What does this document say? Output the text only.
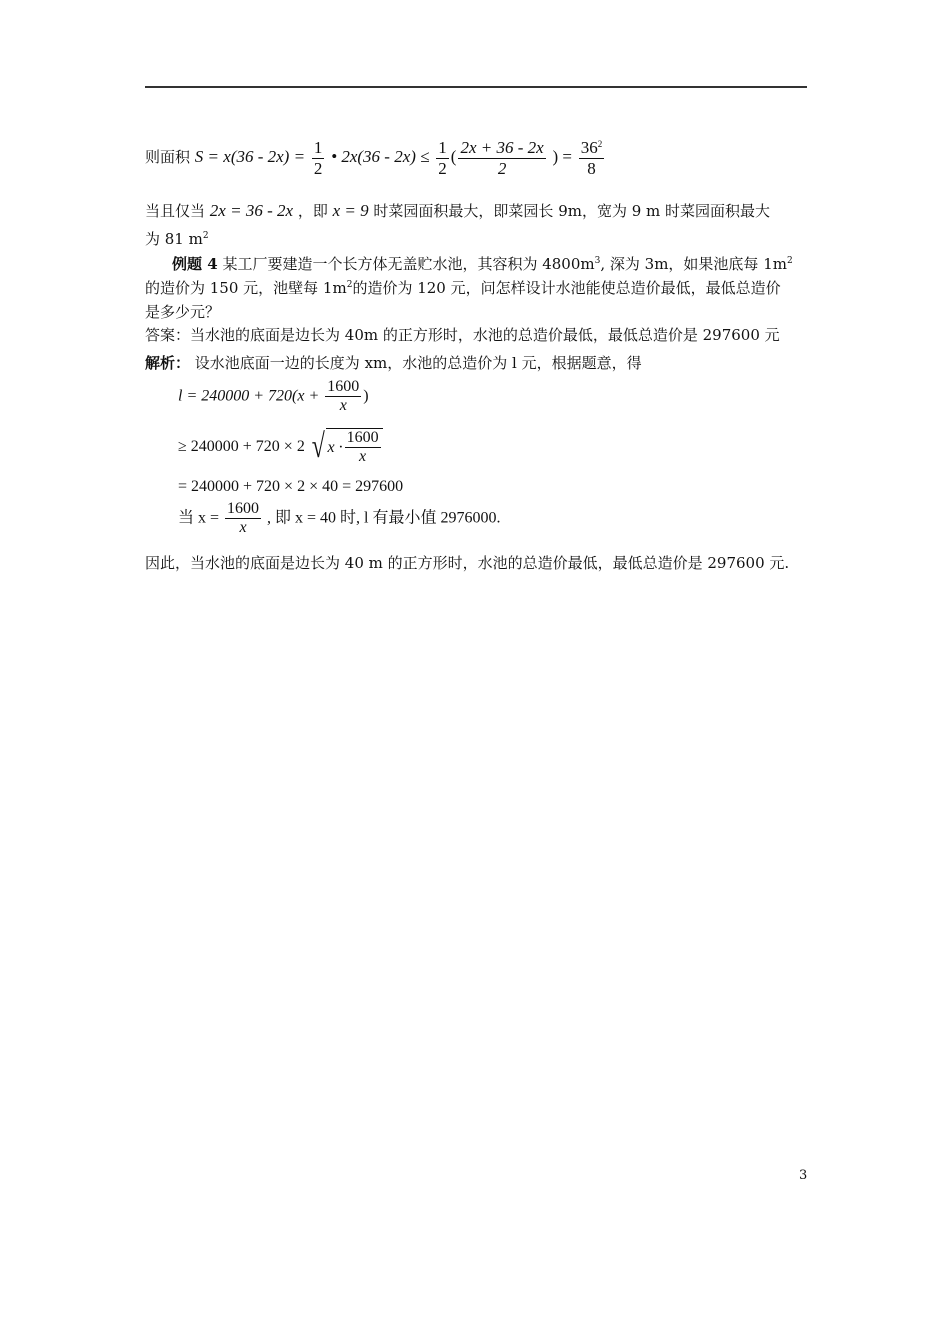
则面积 $S = x(36 - 2x) = \frac{1}{2}$ • $2x(36 - 2x) \le \frac{1}{2}$ ( $\frac{2x + 36 - 2x}{2}$ ) = $\frac{36^2}{8}$
当且仅当 2x = 36 - 2x ，即 x = 9 时菜园面积最大，即菜园长 9m，宽为 9 m 时菜园面积最大
为 81 $m^2$
例题 4 某工厂要建造一个长方体无盖贮水池，其容积为 $4800m^3$, 深为 3m，如果池底每 $1m^2$
的造价为 150 元，池壁每 $1m^2$的造价为 120 元，问怎样设计水池能使总造价最低，最低总造价
是多少元？
答案：当水池的底面是边长为 40m 的正方形时，水池的总造价最低，最低总造价是 297600 元
解析： 设水池底面一边的长度为 xm，水池的总造价为 l 元，根据题意，得
$l = 240000 + 720(x + \frac{1600}{x}$ )
≥ 240000 + 720 × 2 √ $x \cdot \frac{1600}{x}$
= 240000 + 720 × 2 × 40 = 297600
当 $x = \frac{1600}{x}$ , 即 x = 40 时, l 有最小值 2976000.
因此，当水池的底面是边长为 40 m 的正方形时，水池的总造价最低，最低总造价是 297600 元.
3
